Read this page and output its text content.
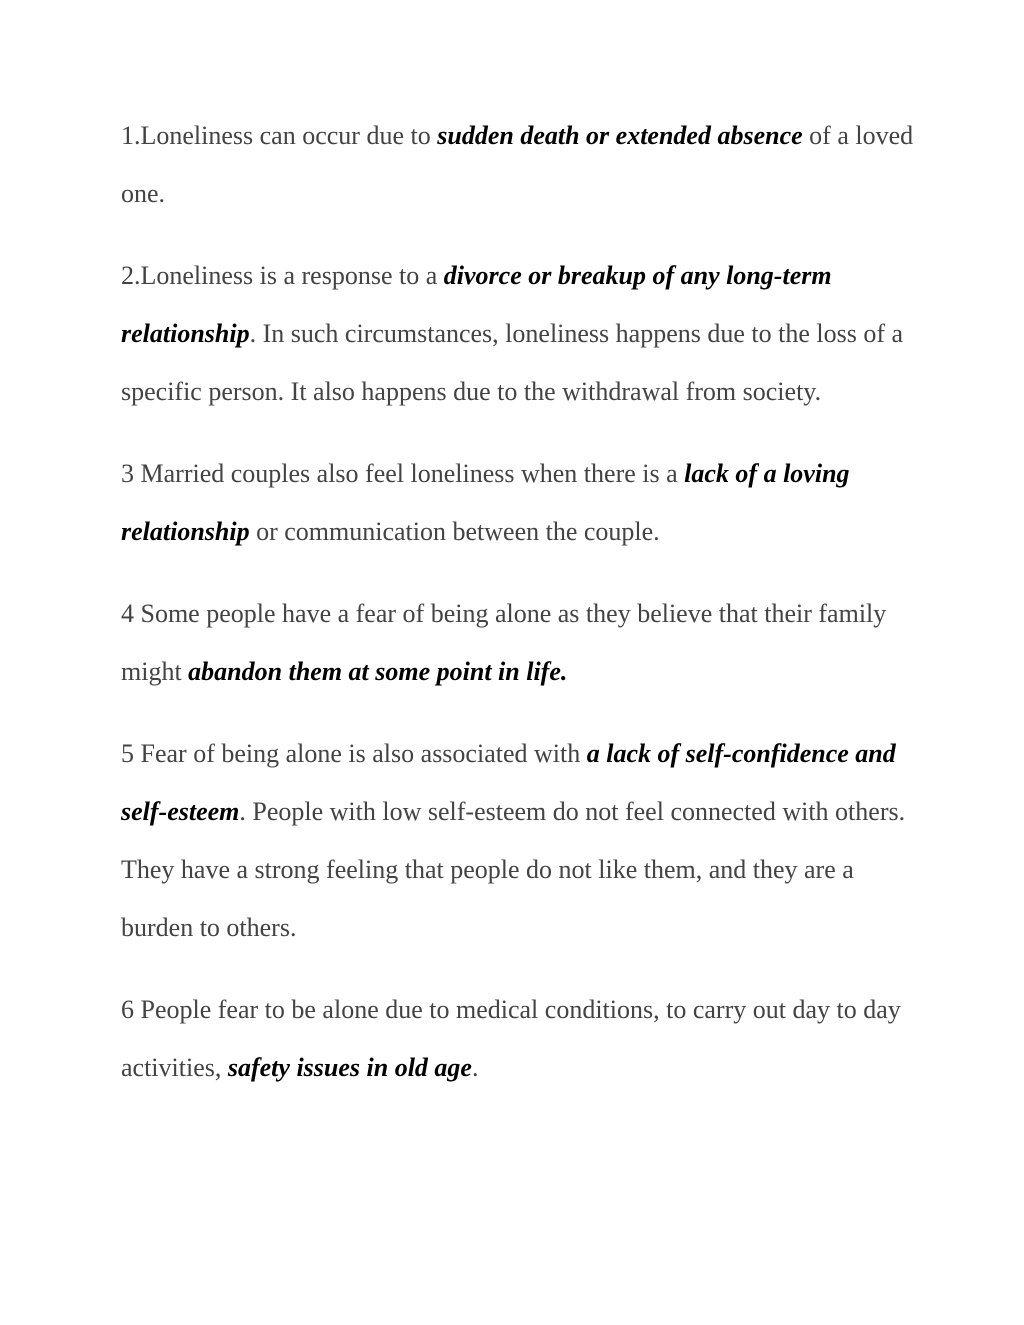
1.Loneliness can occur due to sudden death or extended absence of a loved one.

2.Loneliness is a response to a divorce or breakup of any long-term relationship. In such circumstances, loneliness happens due to the loss of a specific person. It also happens due to the withdrawal from society.

3 Married couples also feel loneliness when there is a lack of a loving relationship or communication between the couple.

4 Some people have a fear of being alone as they believe that their family might abandon them at some point in life.

5 Fear of being alone is also associated with a lack of self-confidence and self-esteem. People with low self-esteem do not feel connected with others. They have a strong feeling that people do not like them, and they are a burden to others.

6 People fear to be alone due to medical conditions, to carry out day to day activities, safety issues in old age.
